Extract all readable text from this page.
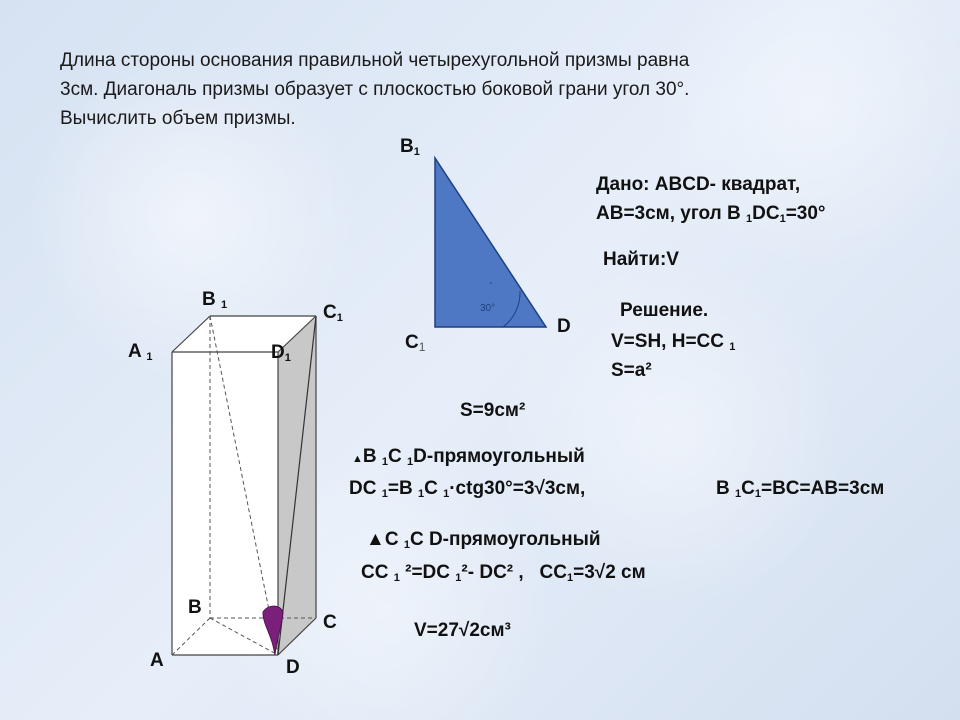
Длина стороны основания правильной четырехугольной призмы равна
3см. Диагональ призмы образует с плоскостью боковой грани угол 30°.
Вычислить объем призмы.
$B_1$
C1
D
30°
Дано: ABCD- квадрат,
AB=3см, угол B $_1DC_1=30^\circ$
Найти:V
Решение.
V=SH, H=CC $_1$
S=a²
S=9см²
▲B $_1$C $_1$D-прямоугольный
DC $_1$=B $_1$C $_1$·ctg30°=3√3см,	B $_1C_1=BC=AB=3см$
▲C $_1$C D-прямоугольный
CC $_1$ ²=DC $_1$²- DC² , $CC_1=3√2$ см
V=27√2см³
B $_1$	$C_1$
A $_1$	$D_1$
B
C
A	D
